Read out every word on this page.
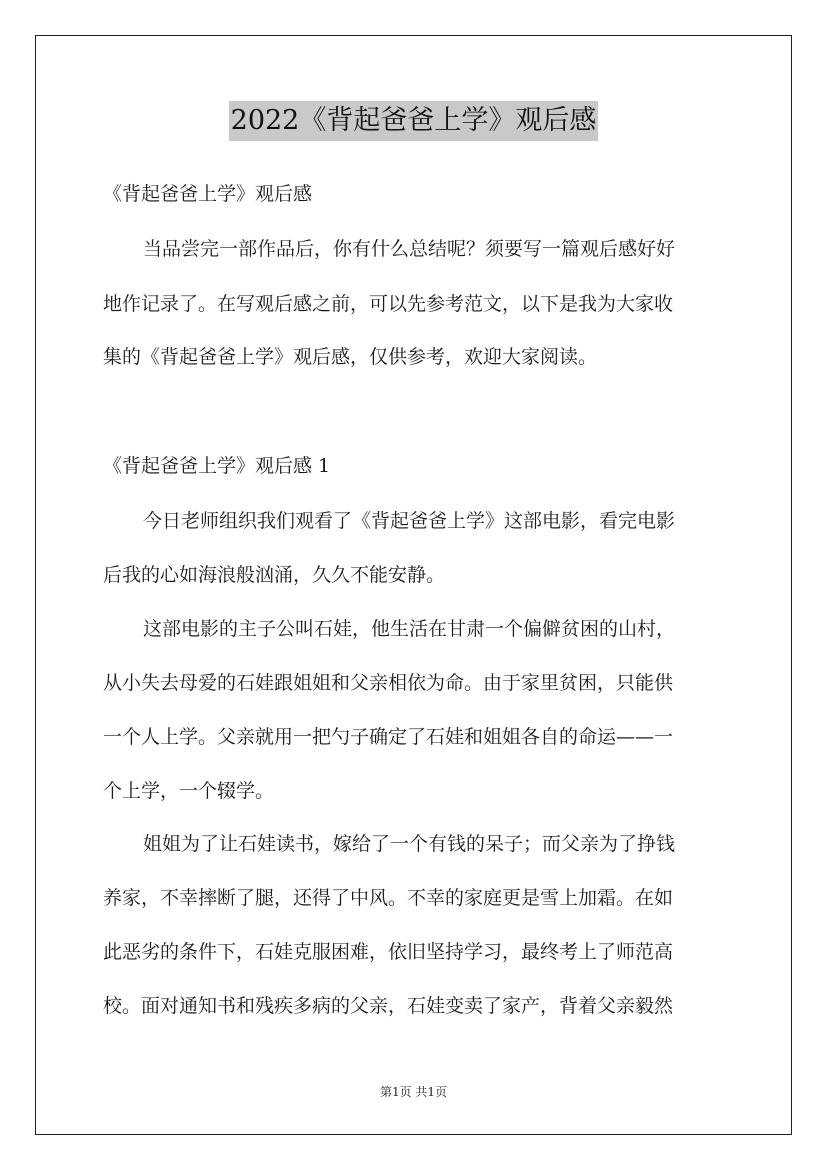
2022《背起爸爸上学》观后感
《背起爸爸上学》观后感
当品尝完一部作品后，你有什么总结呢？须要写一篇观后感好好
地作记录了。在写观后感之前，可以先参考范文，以下是我为大家收
集的《背起爸爸上学》观后感，仅供参考，欢迎大家阅读。
《背起爸爸上学》观后感 1
今日老师组织我们观看了《背起爸爸上学》这部电影，看完电影
后我的心如海浪般汹涌，久久不能安静。
这部电影的主子公叫石娃，他生活在甘肃一个偏僻贫困的山村，
从小失去母爱的石娃跟姐姐和父亲相依为命。由于家里贫困，只能供
一个人上学。父亲就用一把勺子确定了石娃和姐姐各自的命运——一
个上学，一个辍学。
姐姐为了让石娃读书，嫁给了一个有钱的呆子；而父亲为了挣钱
养家，不幸摔断了腿，还得了中风。不幸的家庭更是雪上加霜。在如
此恶劣的条件下，石娃克服困难，依旧坚持学习，最终考上了师范高
校。面对通知书和残疾多病的父亲，石娃变卖了家产，背着父亲毅然
第1页 共1页
